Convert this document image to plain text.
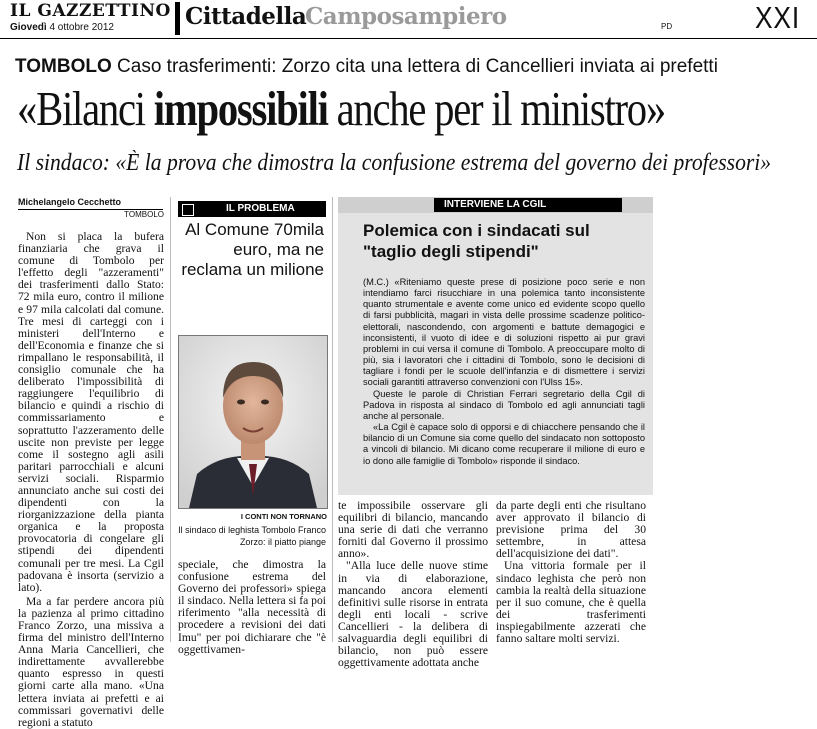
IL GAZZETTINO
Giovedì 4 ottobre 2012	Cittadella
Camposampiero	PD	XXI
TOMBOLO Caso trasferimenti: Zorzo cita una lettera di Cancellieri inviata ai prefetti
«Bilanci impossibili anche per il ministro»
Il sindaco: «È la prova che dimostra la confusione estrema del governo dei professori»
Michelangelo Cecchetto
TOMBOLO

Non si placa la bufera finanziaria che grava il comune di Tombolo per l'effetto degli "azzeramenti" dei trasferimenti dallo Stato: 72 mila euro, contro il milione e 97 mila calcolati dal comune. Tre mesi di carteggi con i ministeri dell'Interno e dell'Economia e finanze che si rimpallano le responsabilità, il consiglio comunale che ha deliberato l'impossibilità di raggiungere l'equilibrio di bilancio e quindi a rischio di commissariamento e soprattutto l'azzeramento delle uscite non previste per legge come il sostegno agli asili paritari parrocchiali e alcuni servizi sociali. Risparmio annunciato anche sui costi dei dipendenti con la riorganizzazione della pianta organica e la proposta provocatoria di congelare gli stipendi dei dipendenti comunali per tre mesi. La Cgil padovana è insorta (servizio a lato).

Ma a far perdere ancora più la pazienza al primo cittadino Franco Zorzo, una missiva a firma del ministro dell'Interno Anna Maria Cancellieri, che indirettamente avvallerebbe quanto espresso in questi giorni carte alla mano. «Una lettera inviata ai prefetti e ai commissari governativi delle regioni a statuto

IL PROBLEMA
Al Comune 70mila euro, ma ne reclama un milione
I CONTI NON TORNANO
Il sindaco di leghista Tombolo Franco Zorzo: il piatto piange

speciale, che dimostra la confusione estrema del Governo dei professori» spiega il sindaco. Nella lettera si fa poi riferimento "alla necessità di procedere a revisioni dei dati Imu" per poi dichiarare che "è oggettivamen-

INTERVIENE LA CGIL
Polemica con i sindacati sul "taglio degli stipendi"

(M.C.) «Riteniamo queste prese di posizione poco serie e non intendiamo farci risucchiare in una polemica tanto inconsistente quanto strumentale e avente come unico ed evidente scopo quello di farsi pubblicità, magari in vista delle prossime scadenze politico-elettorali, nascondendo, con argomenti e battute demagogici e inconsistenti, il vuoto di idee e di soluzioni rispetto ai pur gravi problemi in cui versa il comune di Tombolo. A preoccupare molto di più, sia i lavoratori che i cittadini di Tombolo, sono le decisioni di tagliare i fondi per le scuole dell'infanzia e di dismettere i servizi sociali garantiti attraverso convenzioni con l'Ulss 15».

Queste le parole di Christian Ferrari segretario della Cgil di Padova in risposta al sindaco di Tombolo ed agli annunciati tagli anche al personale.

«La Cgil è capace solo di opporsi e di chiacchere pensando che il bilancio di un Comune sia come quello del sindacato non sottoposto a vincoli di bilancio. Mi dicano come recuperare il milione di euro e io dono alle famiglie di Tombolo» risponde il sindaco.

te impossibile osservare gli equilibri di bilancio, mancando una serie di dati che verranno forniti dal Governo il prossimo anno».

"Alla luce delle nuove stime in via di elaborazione, mancando ancora elementi definitivi sulle risorse in entrata degli enti locali - scrive Cancellieri - la delibera di salvaguardia degli equilibri di bilancio, non può essere oggettivamente adottata anche

da parte degli enti che risultano aver approvato il bilancio di previsione prima del 30 settembre, in attesa dell'acquisizione dei dati".

Una vittoria formale per il sindaco leghista che però non cambia la realtà della situazione per il suo comune, che è quella dei trasferimenti inspiegabilmente azzerati che fanno saltare molti servizi.
